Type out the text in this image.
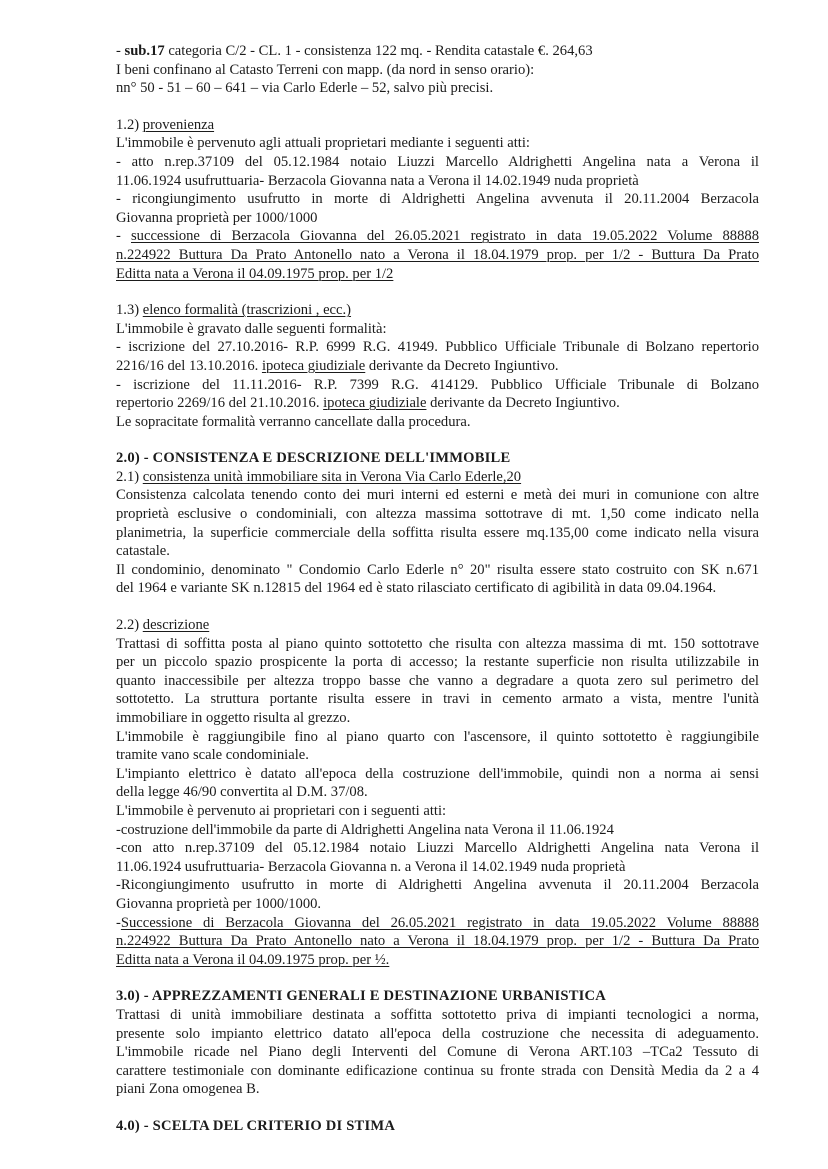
- sub.17 categoria C/2 - CL. 1 - consistenza 122 mq. - Rendita catastale €. 264,63
I beni confinano al Catasto Terreni con mapp. (da nord in senso orario):
nn° 50 - 51 – 60 – 641 – via Carlo Ederle – 52, salvo più precisi.
1.2) provenienza
L'immobile è pervenuto agli attuali proprietari mediante i seguenti atti:
- atto n.rep.37109 del 05.12.1984 notaio Liuzzi Marcello Aldrighetti Angelina nata a Verona il
11.06.1924 usufruttuaria- Berzacola Giovanna nata a Verona il 14.02.1949 nuda proprietà
- ricongiungimento usufrutto in morte di Aldrighetti Angelina avvenuta il 20.11.2004 Berzacola
Giovanna proprietà per 1000/1000
- successione di Berzacola Giovanna del 26.05.2021 registrato in data 19.05.2022 Volume 88888
n.224922 Buttura Da Prato Antonello nato a Verona il 18.04.1979 prop. per 1/2 - Buttura Da Prato
Editta nata a Verona il 04.09.1975 prop. per 1/2
1.3) elenco formalità (trascrizioni , ecc.)
L'immobile è gravato dalle seguenti formalità:
- iscrizione del 27.10.2016- R.P. 6999 R.G. 41949. Pubblico Ufficiale Tribunale di Bolzano repertorio
2216/16 del 13.10.2016. ipoteca giudiziale derivante da Decreto Ingiuntivo.
- iscrizione del 11.11.2016- R.P. 7399 R.G. 414129. Pubblico Ufficiale Tribunale di Bolzano
repertorio 2269/16 del 21.10.2016. ipoteca giudiziale derivante da Decreto Ingiuntivo.
Le sopracitate formalità verranno cancellate dalla procedura.
2.0) - CONSISTENZA E DESCRIZIONE DELL'IMMOBILE
2.1) consistenza unità immobiliare sita in Verona Via Carlo Ederle,20
Consistenza calcolata tenendo conto dei muri interni ed esterni e metà dei muri in comunione con altre
proprietà esclusive o condominiali, con altezza massima sottotrave di mt. 1,50 come indicato nella
planimetria, la superficie commerciale della soffitta risulta essere mq.135,00 come indicato nella visura
catastale.
Il condominio, denominato " Condomio Carlo Ederle n° 20" risulta essere stato costruito con SK n.671
del 1964 e variante SK n.12815 del 1964 ed è stato rilasciato certificato di agibilità in data 09.04.1964.
2.2) descrizione
Trattasi di soffitta posta al piano quinto sottotetto che risulta con altezza massima di mt. 150 sottotrave
per un piccolo spazio prospicente la porta di accesso; la restante superficie non risulta utilizzabile in
quanto inaccessibile per altezza troppo basse che vanno a degradare a quota zero sul perimetro del
sottotetto. La struttura portante risulta essere in travi in cemento armato a vista, mentre l'unità
immobiliare in oggetto risulta al grezzo.
L'immobile è raggiungibile fino al piano quarto con l'ascensore, il quinto sottotetto è raggiungibile
tramite vano scale condominiale.
L'impianto elettrico è datato all'epoca della costruzione dell'immobile, quindi non a norma ai sensi
della legge 46/90 convertita al D.M. 37/08.
L'immobile è pervenuto ai proprietari con i seguenti atti:
-costruzione dell'immobile da parte di Aldrighetti Angelina nata Verona il 11.06.1924
-con atto n.rep.37109 del 05.12.1984 notaio Liuzzi Marcello Aldrighetti Angelina nata Verona il
11.06.1924 usufruttuaria- Berzacola Giovanna n. a Verona il 14.02.1949 nuda proprietà
-Ricongiungimento usufrutto in morte di Aldrighetti Angelina avvenuta il 20.11.2004 Berzacola
Giovanna proprietà per 1000/1000.
-Successione di Berzacola Giovanna del 26.05.2021 registrato in data 19.05.2022 Volume 88888
n.224922 Buttura Da Prato Antonello nato a Verona il 18.04.1979 prop. per 1/2 - Buttura Da Prato
Editta nata a Verona il 04.09.1975 prop. per ½.
3.0) - APPREZZAMENTI GENERALI E DESTINAZIONE URBANISTICA
Trattasi di unità immobiliare destinata a soffitta sottotetto priva di impianti tecnologici a norma,
presente solo impianto elettrico datato all'epoca della costruzione che necessita di adeguamento.
L'immobile ricade nel Piano degli Interventi del Comune di Verona ART.103 –TCa2 Tessuto di
carattere testimoniale con dominante edificazione continua su fronte strada con Densità Media da 2 a 4
piani Zona omogenea B.
4.0) - SCELTA DEL CRITERIO DI STIMA
